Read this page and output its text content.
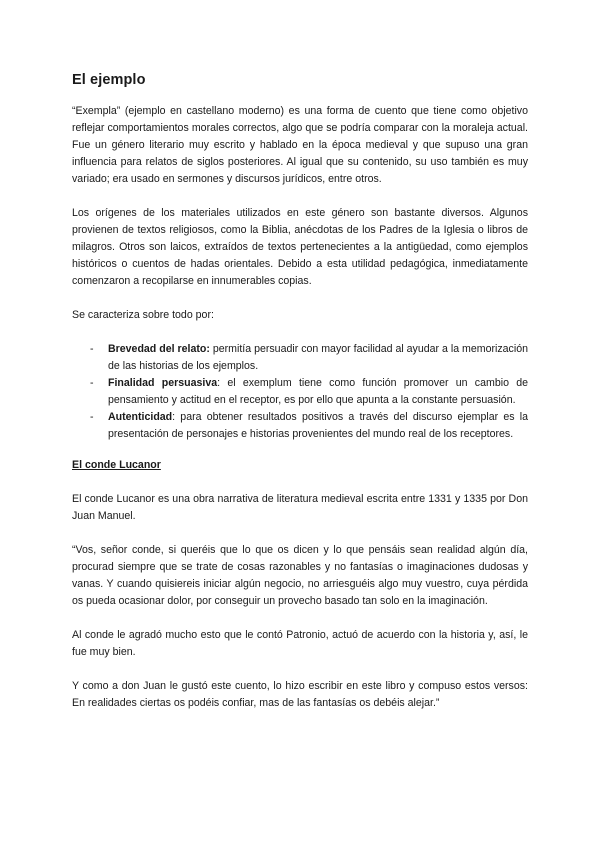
El ejemplo

“Exempla” (ejemplo en castellano moderno) es una forma de cuento que tiene como objetivo reflejar comportamientos morales correctos, algo que se podría comparar con la moraleja actual. Fue un género literario muy escrito y hablado en la época medieval y que supuso una gran influencia para relatos de siglos posteriores. Al igual que su contenido, su uso también es muy variado; era usado en sermones y discursos jurídicos, entre otros.

Los orígenes de los materiales utilizados en este género son bastante diversos. Algunos provienen de textos religiosos, como la Biblia, anécdotas de los Padres de la Iglesia o libros de milagros. Otros son laicos, extraídos de textos pertenecientes a la antigüedad, como ejemplos históricos o cuentos de hadas orientales. Debido a esta utilidad pedagógica, inmediatamente comenzaron a recopilarse en innumerables copias.

Se caracteriza sobre todo por:

- Brevedad del relato: permitía persuadir con mayor facilidad al ayudar a la memorización de las historias de los ejemplos.
- Finalidad persuasiva: el exemplum tiene como función promover un cambio de pensamiento y actitud en el receptor, es por ello que apunta a la constante persuasión.
- Autenticidad: para obtener resultados positivos a través del discurso ejemplar es la presentación de personajes e historias provenientes del mundo real de los receptores.
El conde Lucanor

El conde Lucanor es una obra narrativa de literatura medieval escrita entre 1331 y 1335 por Don Juan Manuel.

“Vos, señor conde, si queréis que lo que os dicen y lo que pensáis sean realidad algún día, procurad siempre que se trate de cosas razonables y no fantasías o imaginaciones dudosas y vanas. Y cuando quisiereis iniciar algún negocio, no arriesguéis algo muy vuestro, cuya pérdida os pueda ocasionar dolor, por conseguir un provecho basado tan solo en la imaginación.

Al conde le agradó mucho esto que le contó Patronio, actuó de acuerdo con la historia y, así, le fue muy bien.

Y como a don Juan le gustó este cuento, lo hizo escribir en este libro y compuso estos versos: En realidades ciertas os podéis confiar, mas de las fantasías os debéis alejar.”
